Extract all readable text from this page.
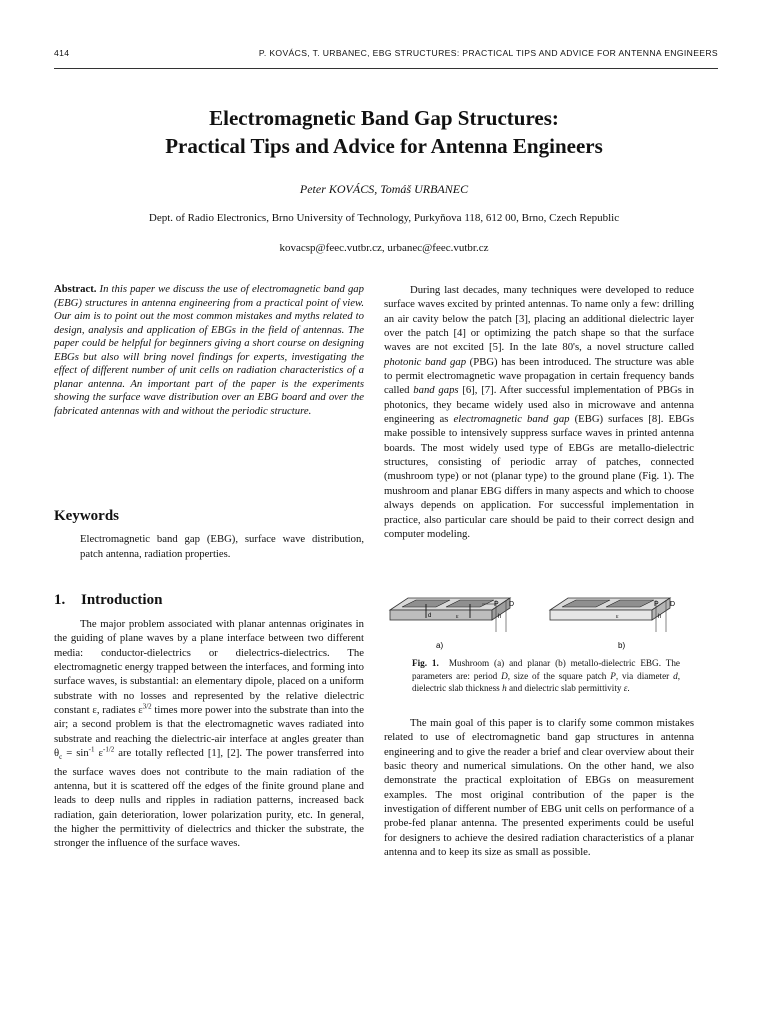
414	P. KOVÁCS, T. URBANEC, EBG STRUCTURES: PRACTICAL TIPS AND ADVICE FOR ANTENNA ENGINEERS
Electromagnetic Band Gap Structures:
Practical Tips and Advice for Antenna Engineers
Peter KOVÁCS, Tomáš URBANEC
Dept. of Radio Electronics, Brno University of Technology, Purkyňova 118, 612 00, Brno, Czech Republic
kovacsp@feec.vutbr.cz, urbanec@feec.vutbr.cz
Abstract. In this paper we discuss the use of electromagnetic band gap (EBG) structures in antenna engineering from a practical point of view. Our aim is to point out the most common mistakes and myths related to design, analysis and application of EBGs in the field of antennas. The paper could be helpful for beginners giving a short course on designing EBGs but also will bring novel findings for experts, investigating the effect of different number of unit cells on radiation characteristics of a planar antenna. An important part of the paper is the experiments showing the surface wave distribution over an EBG board and over the fabricated antennas with and without the periodic structure.
Keywords
Electromagnetic band gap (EBG), surface wave distribution, patch antenna, radiation properties.
1. Introduction

The major problem associated with planar antennas originates in the guiding of plane waves by a plane interface between two different media: conductor-dielectrics or dielectrics-dielectrics. The electromagnetic energy trapped between the interfaces, and forming into surface waves, is substantial: an elementary dipole, placed on a uniform substrate with no losses and represented by the relative dielectric constant ε, radiates $\varepsilon^{3/2}$ times more power into the substrate than into the air; a second problem is that the electromagnetic waves radiated into substrate and reaching the dielectric-air interface at angles greater than $\theta_c = \sin^{-1} \varepsilon^{-1/2}$ are totally reflected [1], [2]. The power transferred into the surface waves does not contribute to the main radiation of the antenna, but it is scattered off the edges of the finite ground plane and leads to deep nulls and ripples in radiation patterns, increased back radiation, gain deterioration, lower polarization purity, etc. In general, the higher the permittivity of dielectrics and thicker the substrate, the stronger the influence of the surface waves.

During last decades, many techniques were developed to reduce surface waves excited by printed antennas. To name only a few: drilling an air cavity below the patch [3], placing an additional dielectric layer over the patch [4] or optimizing the patch shape so that the surface waves are not excited [5]. In the late 80's, a novel structure called photonic band gap (PBG) has been introduced. The structure was able to permit electromagnetic wave propagation in certain frequency bands called band gaps [6], [7]. After successful implementation of PBGs in photonics, they became widely used also in microwave and antenna engineering as electromagnetic band gap (EBG) surfaces [8]. EBGs make possible to intensively suppress surface waves in printed antenna boards. The most widely used type of EBGs are metallo-dielectric structures, consisting of periodic array of patches, connected (mushroom type) or not (planar type) to the ground plane (Fig. 1). The mushroom and planar EBG differs in many aspects and which to choose always depends on application. For successful implementation in practice, also particular care should be paid to their correct design and computer modeling.

P D
d	h
ε
a)
P D
h
ε
b)
Fig. 1. Mushroom (a) and planar (b) metallo-dielectric EBG. The parameters are: period D, size of the square patch P, via diameter d, dielectric slab thickness h and dielectric slab permittivity ε.

The main goal of this paper is to clarify some common mistakes related to use of electromagnetic band gap structures in antenna engineering and to give the reader a brief and clear overview about their basic theory and numerical simulations. On the other hand, we also demonstrate the practical exploitation of EBGs on measurement examples. The most original contribution of the paper is the investigation of different number of EBG unit cells on performance of a probe-fed planar antenna. The presented experiments could be useful for designers to achieve the desired radiation characteristics of a planar antenna and to keep its size as small as possible.
